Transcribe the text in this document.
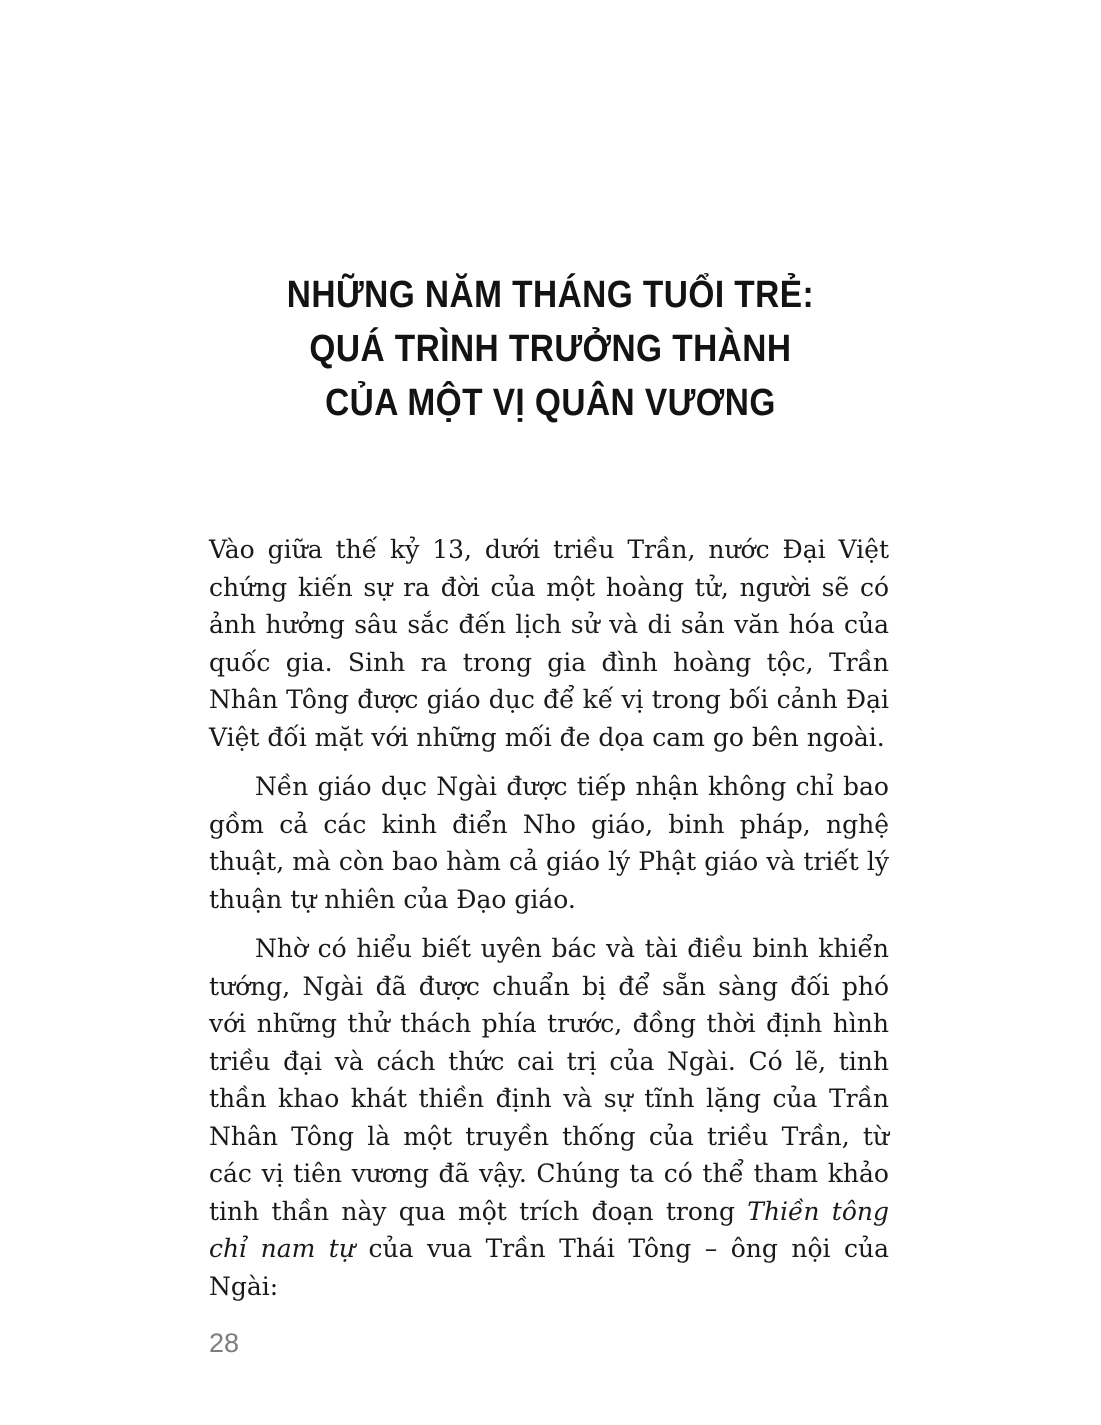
NHỮNG NĂM THÁNG TUỔI TRẺ:
QUÁ TRÌNH TRƯỞNG THÀNH
CỦA MỘT VỊ QUÂN VƯƠNG

Vào giữa thế kỷ 13, dưới triều Trần, nước Đại Việt chứng kiến sự ra đời của một hoàng tử, người sẽ có ảnh hưởng sâu sắc đến lịch sử và di sản văn hóa của quốc gia. Sinh ra trong gia đình hoàng tộc, Trần Nhân Tông được giáo dục để kế vị trong bối cảnh Đại Việt đối mặt với những mối đe dọa cam go bên ngoài.

Nền giáo dục Ngài được tiếp nhận không chỉ bao gồm cả các kinh điển Nho giáo, binh pháp, nghệ thuật, mà còn bao hàm cả giáo lý Phật giáo và triết lý thuận tự nhiên của Đạo giáo.

Nhờ có hiểu biết uyên bác và tài điều binh khiển tướng, Ngài đã được chuẩn bị để sẵn sàng đối phó với những thử thách phía trước, đồng thời định hình triều đại và cách thức cai trị của Ngài. Có lẽ, tinh thần khao khát thiền định và sự tĩnh lặng của Trần Nhân Tông là một truyền thống của triều Trần, từ các vị tiên vương đã vậy. Chúng ta có thể tham khảo tinh thần này qua một trích đoạn trong Thiền tông chỉ nam tự của vua Trần Thái Tông – ông nội của Ngài:

28
